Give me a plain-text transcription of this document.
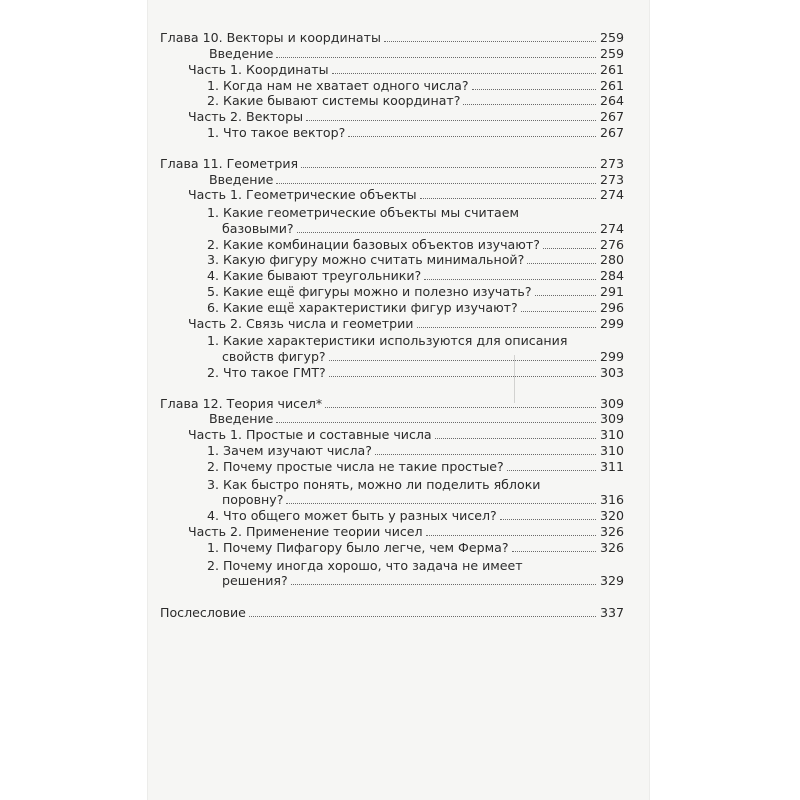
Глава 10. Векторы и координаты	259
Введение	259
Часть 1. Координаты	261
1. Когда нам не хватает одного числа?	261
2. Какие бывают системы координат?	264
Часть 2. Векторы	267
1. Что такое вектор?	267
Глава 11. Геометрия	273
Введение	273
Часть 1. Геометрические объекты	274
1. Какие геометрические объекты мы считаем
базовыми?	274
2. Какие комбинации базовых объектов изучают?	276
3. Какую фигуру можно считать минимальной?	280
4. Какие бывают треугольники?	284
5. Какие ещё фигуры можно и полезно изучать?	291
6. Какие ещё характеристики фигур изучают?	296
Часть 2. Связь числа и геометрии	299
1. Какие характеристики используются для описания
свойств фигур?	299
2. Что такое ГМТ?	303
Глава 12. Теория чисел*	309
Введение	309
Часть 1. Простые и составные числа	310
1. Зачем изучают числа?	310
2. Почему простые числа не такие простые?	311
3. Как быстро понять, можно ли поделить яблоки
поровну?	316
4. Что общего может быть у разных чисел?	320
Часть 2. Применение теории чисел	326
1. Почему Пифагору было легче, чем Ферма?	326
2. Почему иногда хорошо, что задача не имеет
решения?	329
Послесловие	337
